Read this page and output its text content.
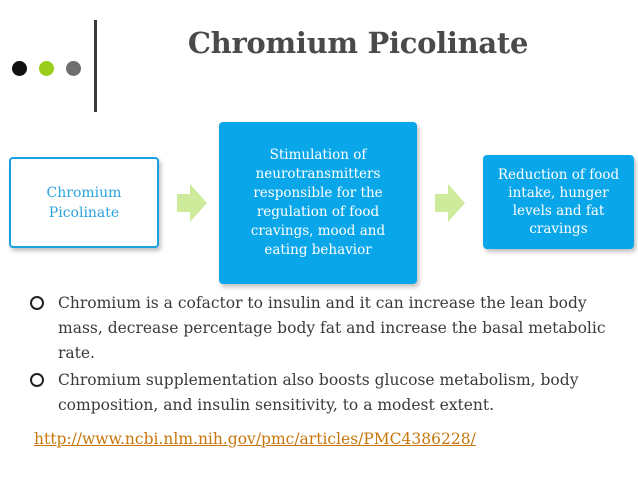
Chromium Picolinate
Chromium Picolinate
Stimulation of neurotransmitters responsible for the regulation of food cravings, mood and eating behavior
Reduction of food intake, hunger levels and fat cravings
Chromium is a cofactor to insulin and it can increase the lean body mass, decrease percentage body fat and increase the basal metabolic rate.
Chromium supplementation also boosts glucose metabolism, body composition, and insulin sensitivity, to a modest extent.
http://www.ncbi.nlm.nih.gov/pmc/articles/PMC4386228/
